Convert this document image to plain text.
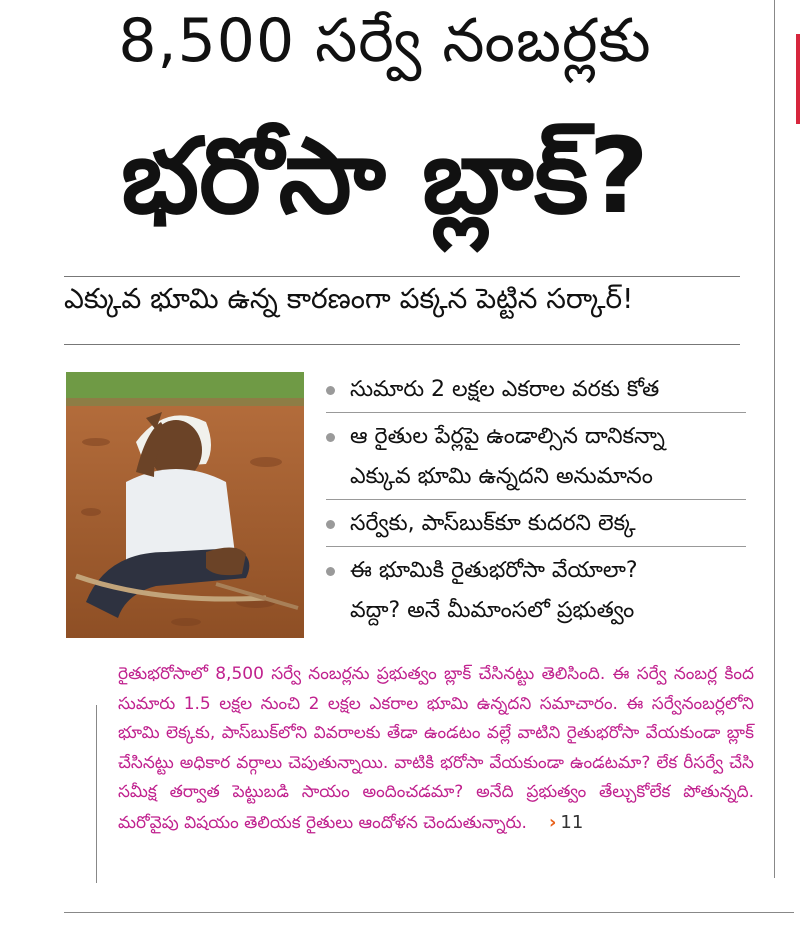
8,500 సర్వే నంబర్లకు
భరోసా బ్లాక్?
ఎక్కువ భూమి ఉన్న కారణంగా పక్కన పెట్టిన సర్కార్!
సుమారు 2 లక్షల ఎకరాల వరకు కోత
ఆ రైతుల పేర్లపై ఉండాల్సిన దానికన్నా
ఎక్కువ భూమి ఉన్నదని అనుమానం
సర్వేకు, పాస్‌బుక్‌కూ కుదరని లెక్క
ఈ భూమికి రైతుభరోసా వేయాలా?
వద్దా? అనే మీమాంసలో ప్రభుత్వం
రైతుభరోసాలో 8,500 సర్వే నంబర్లను ప్రభుత్వం బ్లాక్ చేసినట్టు తెలిసింది. ఈ సర్వే నంబర్ల కింద సుమారు 1.5 లక్షల నుంచి 2 లక్షల ఎకరాల భూమి ఉన్నదని సమాచారం. ఈ సర్వేనంబర్లలోని భూమి లెక్కకు, పాస్‌బుక్‌లోని వివరాలకు తేడా ఉండటం వల్లే వాటిని రైతుభరోసా వేయకుండా బ్లాక్ చేసినట్టు అధికార వర్గాలు చెపుతున్నాయి. వాటికి భరోసా వేయకుండా ఉండటమా? లేక రీసర్వే చేసి సమీక్ష తర్వాత పెట్టుబడి సాయం అందించడమా? అనేది ప్రభుత్వం తేల్చుకోలేక పోతున్నది. మరోవైపు విషయం తెలియక రైతులు ఆందోళన చెందుతున్నారు. › 11
